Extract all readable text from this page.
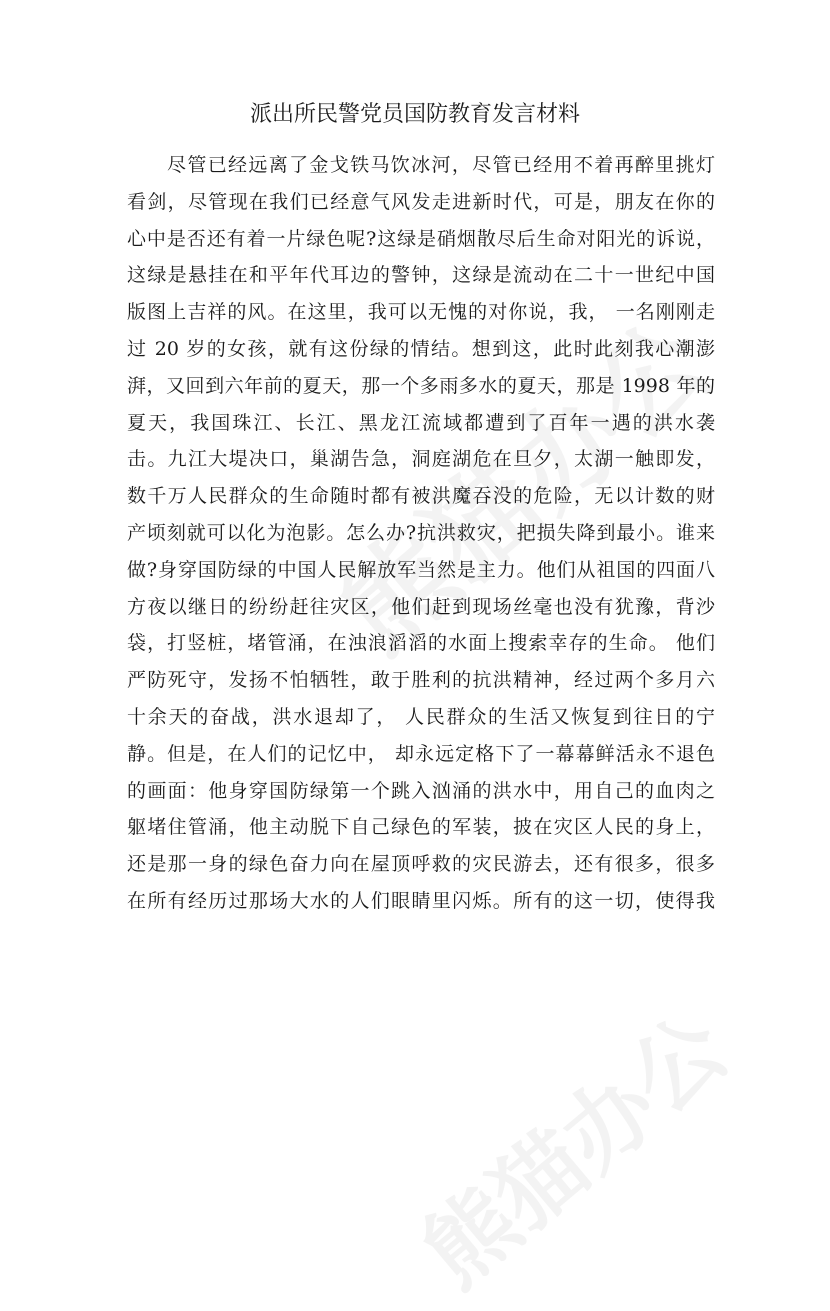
派出所民警党员国防教育发言材料
尽管已经远离了金戈铁马饮冰河，尽管已经用不着再醉里挑灯
看剑，尽管现在我们已经意气风发走进新时代，可是，朋友在你的
心中是否还有着一片绿色呢?这绿是硝烟散尽后生命对阳光的诉说，
这绿是悬挂在和平年代耳边的警钟，这绿是流动在二十一世纪中国
版图上吉祥的风。在这里，我可以无愧的对你说，我， 一名刚刚走
过 20 岁的女孩，就有这份绿的情结。想到这，此时此刻我心潮澎
湃，又回到六年前的夏天，那一个多雨多水的夏天，那是 1998 年的
夏天，我国珠江、长江、黑龙江流域都遭到了百年一遇的洪水袭
击。九江大堤决口，巢湖告急，洞庭湖危在旦夕，太湖一触即发，
数千万人民群众的生命随时都有被洪魔吞没的危险，无以计数的财
产顷刻就可以化为泡影。怎么办?抗洪救灾，把损失降到最小。谁来
做?身穿国防绿的中国人民解放军当然是主力。他们从祖国的四面八
方夜以继日的纷纷赶往灾区，他们赶到现场丝毫也没有犹豫，背沙
袋，打竖桩，堵管涌，在浊浪滔滔的水面上搜索幸存的生命。 他们
严防死守，发扬不怕牺牲，敢于胜利的抗洪精神，经过两个多月六
十余天的奋战，洪水退却了， 人民群众的生活又恢复到往日的宁
静。但是，在人们的记忆中， 却永远定格下了一幕幕鲜活永不退色
的画面：他身穿国防绿第一个跳入汹涌的洪水中，用自己的血肉之
躯堵住管涌，他主动脱下自己绿色的军装，披在灾区人民的身上，
还是那一身的绿色奋力向在屋顶呼救的灾民游去，还有很多，很多
在所有经历过那场大水的人们眼睛里闪烁。所有的这一切，使得我
